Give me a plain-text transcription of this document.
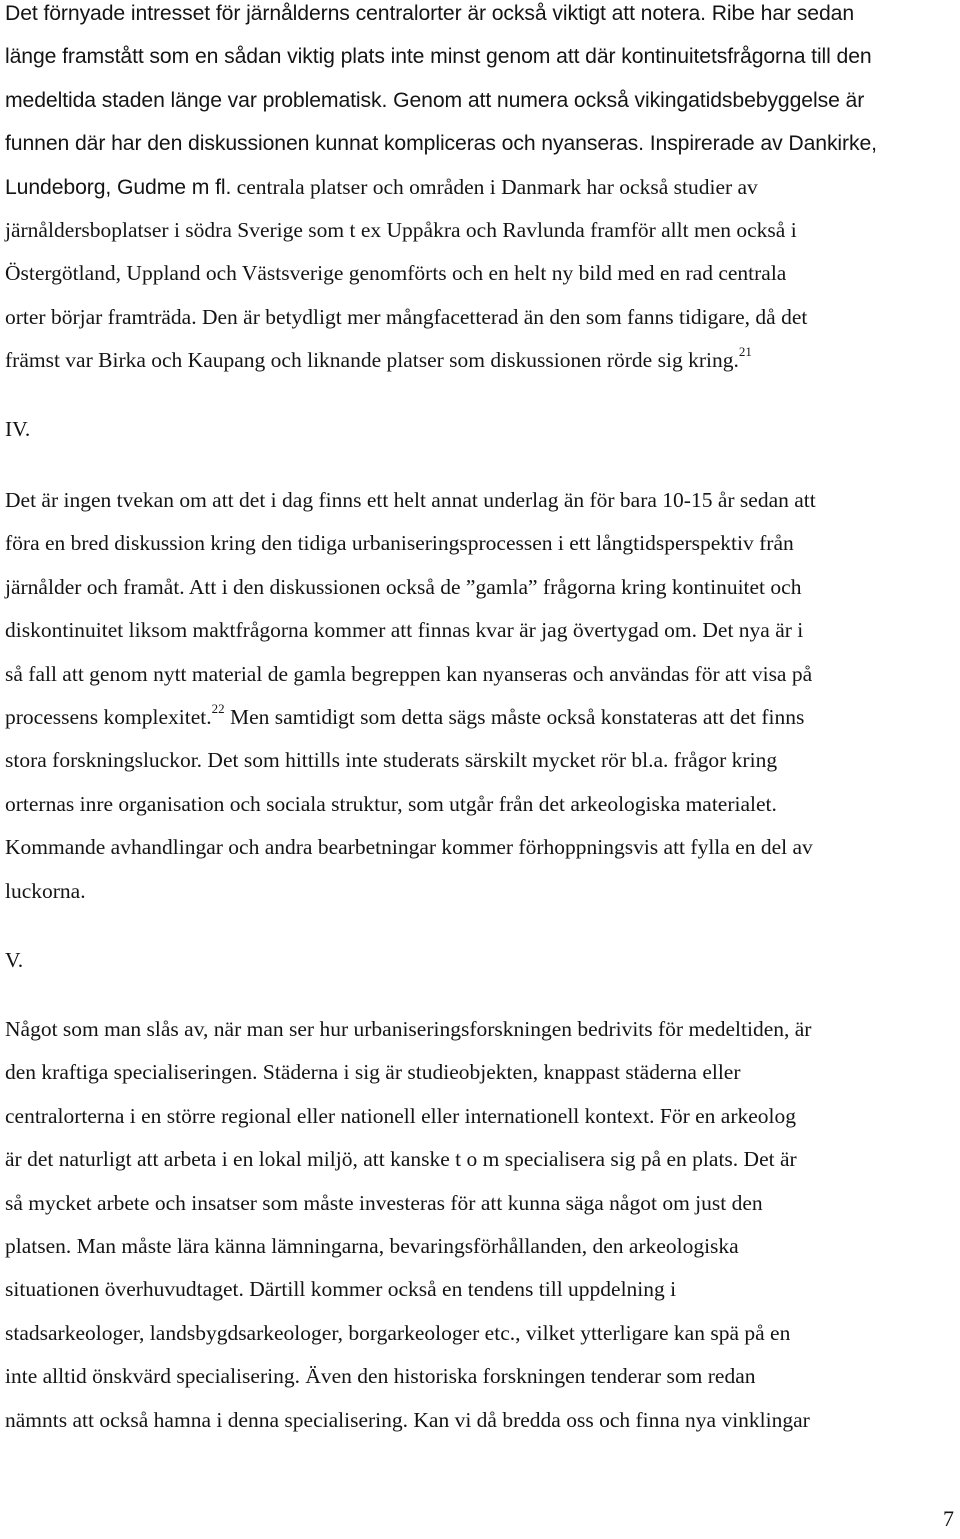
Det förnyade intresset för järnålderns centralorter är också viktigt att notera. Ribe har sedan
länge framstått som en sådan viktig plats inte minst genom att där kontinuitetsfrågorna till den
medeltida staden länge var problematisk. Genom att numera också vikingatidsbebyggelse är
funnen där har den diskussionen kunnat kompliceras och nyanseras. Inspirerade av Dankirke,
Lundeborg, Gudme m fl. centrala platser och områden i Danmark har också studier av
järnåldersboplatser i södra Sverige som t ex Uppåkra och Ravlunda framför allt men också i
Östergötland, Uppland och Västsverige genomförts och en helt ny bild med en rad centrala
orter börjar framträda. Den är betydligt mer mångfacetterad än den som fanns tidigare, då det
främst var Birka och Kaupang och liknande platser som diskussionen rörde sig kring.$^{21}$
IV.
Det är ingen tvekan om att det i dag finns ett helt annat underlag än för bara 10-15 år sedan att
föra en bred diskussion kring den tidiga urbaniseringsprocessen i ett långtidsperspektiv från
järnålder och framåt. Att i den diskussionen också de ”gamla” frågorna kring kontinuitet och
diskontinuitet liksom maktfrågorna kommer att finnas kvar är jag övertygad om. Det nya är i
så fall att genom nytt material de gamla begreppen kan nyanseras och användas för att visa på
processens komplexitet.$^{22}$ Men samtidigt som detta sägs måste också konstateras att det finns
stora forskningsluckor. Det som hittills inte studerats särskilt mycket rör bl.a. frågor kring
orternas inre organisation och sociala struktur, som utgår från det arkeologiska materialet.
Kommande avhandlingar och andra bearbetningar kommer förhoppningsvis att fylla en del av
luckorna.
V.
Något som man slås av, när man ser hur urbaniseringsforskningen bedrivits för medeltiden, är
den kraftiga specialiseringen. Städerna i sig är studieobjekten, knappast städerna eller
centralorterna i en större regional eller nationell eller internationell kontext. För en arkeolog
är det naturligt att arbeta i en lokal miljö, att kanske t o m specialisera sig på en plats. Det är
så mycket arbete och insatser som måste investeras för att kunna säga något om just den
platsen. Man måste lära känna lämningarna, bevaringsförhållanden, den arkeologiska
situationen överhuvudtaget. Därtill kommer också en tendens till uppdelning i
stadsarkeologer, landsbygdsarkeologer, borgarkeologer etc., vilket ytterligare kan spä på en
inte alltid önskvärd specialisering. Även den historiska forskningen tenderar som redan
nämnts att också hamna i denna specialisering. Kan vi då bredda oss och finna nya vinklingar
7
